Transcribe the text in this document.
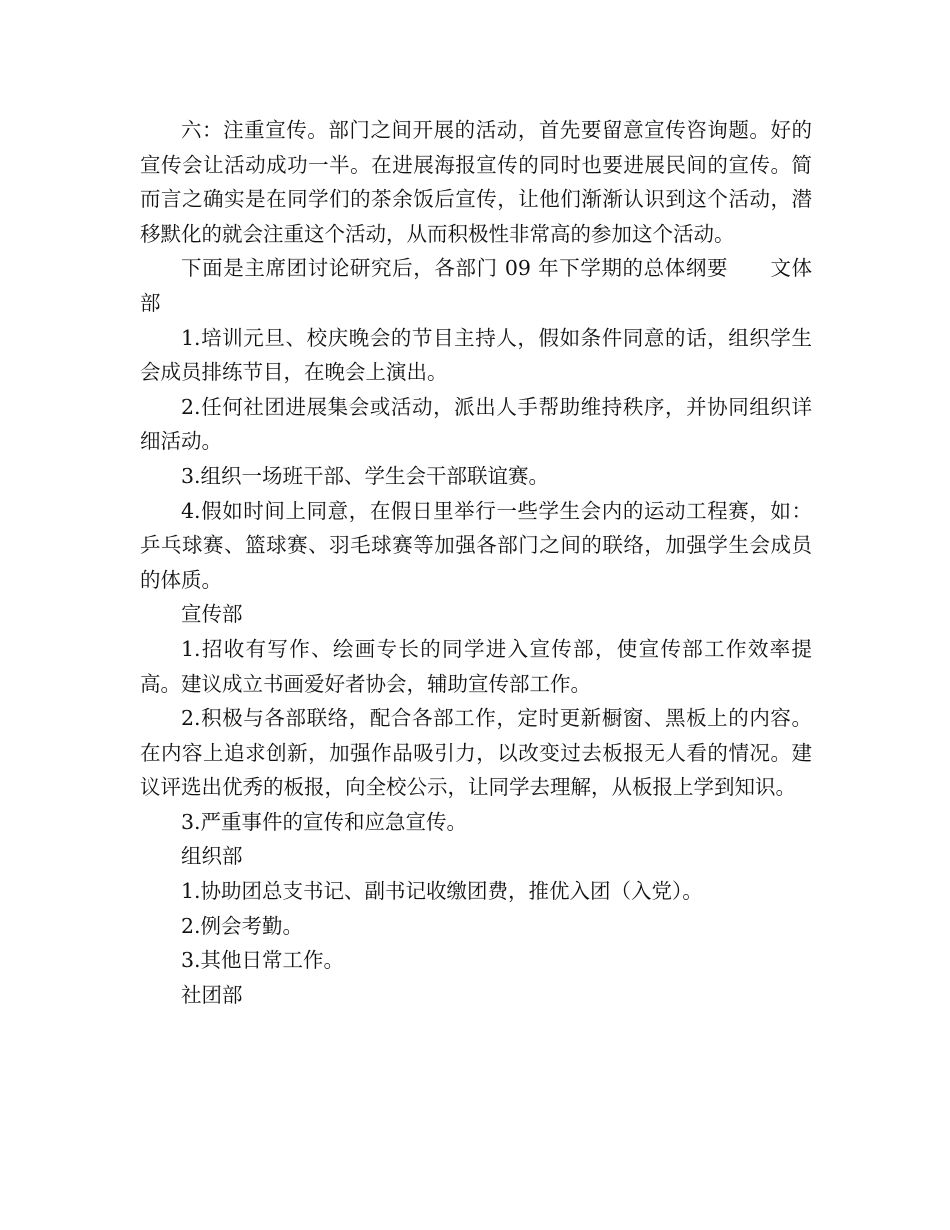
六：注重宣传。部门之间开展的活动，首先要留意宣传咨询题。好的宣传会让活动成功一半。在进展海报宣传的同时也要进展民间的宣传。简而言之确实是在同学们的茶余饭后宣传，让他们渐渐认识到这个活动，潜移默化的就会注重这个活动，从而积极性非常高的参加这个活动。

下面是主席团讨论研究后，各部门 09 年下学期的总体纲要　　文体部

1.培训元旦、校庆晚会的节目主持人，假如条件同意的话，组织学生会成员排练节目，在晚会上演出。

2.任何社团进展集会或活动，派出人手帮助维持秩序，并协同组织详细活动。

3.组织一场班干部、学生会干部联谊赛。

4.假如时间上同意，在假日里举行一些学生会内的运动工程赛，如：乒乓球赛、篮球赛、羽毛球赛等加强各部门之间的联络，加强学生会成员的体质。

宣传部

1.招收有写作、绘画专长的同学进入宣传部，使宣传部工作效率提高。建议成立书画爱好者协会，辅助宣传部工作。

2.积极与各部联络，配合各部工作，定时更新橱窗、黑板上的内容。在内容上追求创新，加强作品吸引力，以改变过去板报无人看的情况。建议评选出优秀的板报，向全校公示，让同学去理解，从板报上学到知识。

3.严重事件的宣传和应急宣传。

组织部

1.协助团总支书记、副书记收缴团费，推优入团（入党）。

2.例会考勤。

3.其他日常工作。

社团部
